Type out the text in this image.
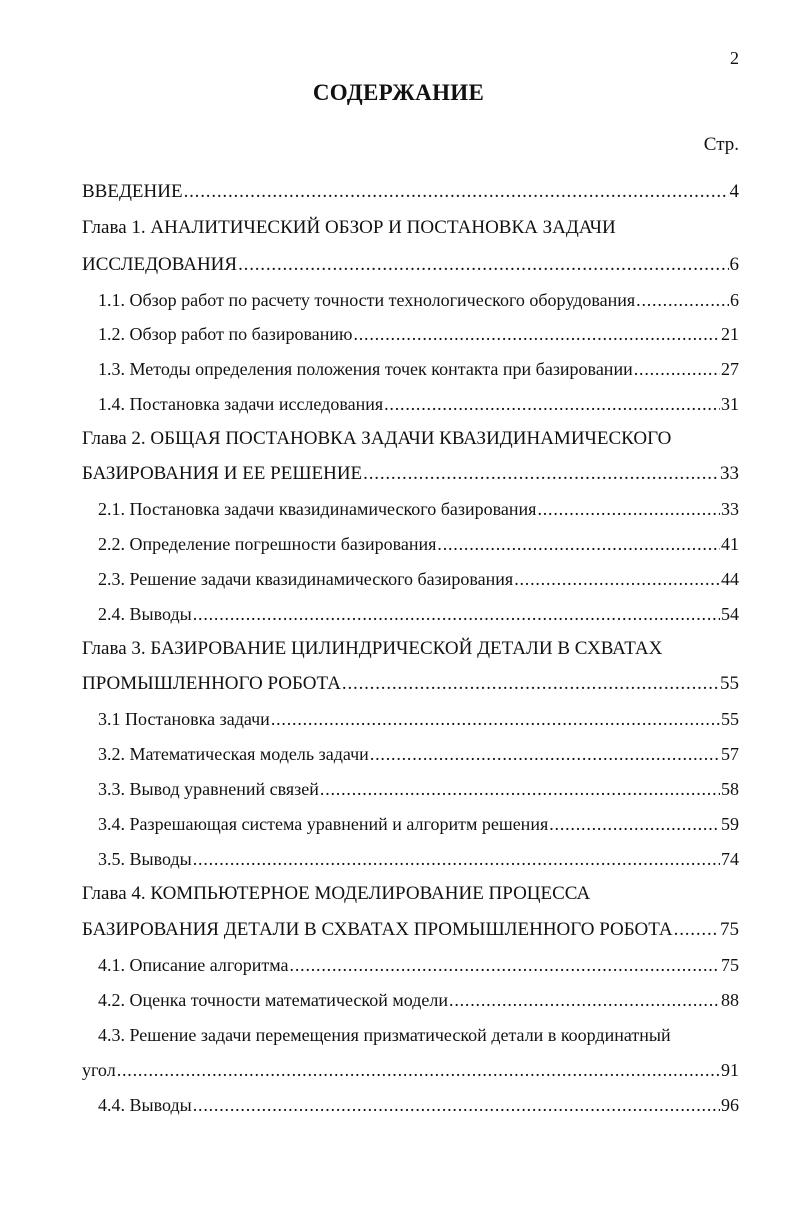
2
СОДЕРЖАНИЕ
Стр.
ВВЕДЕНИЕ .....	4
Глава 1. АНАЛИТИЧЕСКИЙ ОБЗОР И ПОСТАНОВКА ЗАДАЧИ
ИССЛЕДОВАНИЯ .....	6
1.1. Обзор работ по расчету точности технологического оборудования .....	6
1.2. Обзор работ по базированию .....	21
1.3. Методы определения положения точек контакта при базировании .....	27
1.4. Постановка задачи исследования .....	31
Глава 2. ОБЩАЯ ПОСТАНОВКА ЗАДАЧИ КВАЗИДИНАМИЧЕСКОГО
БАЗИРОВАНИЯ И ЕЕ РЕШЕНИЕ .....	33
2.1. Постановка задачи квазидинамического базирования .....	33
2.2. Определение погрешности базирования .....	41
2.3. Решение задачи квазидинамического базирования .....	44
2.4. Выводы .....	54
Глава 3. БАЗИРОВАНИЕ ЦИЛИНДРИЧЕСКОЙ ДЕТАЛИ В СХВАТАХ
ПРОМЫШЛЕННОГО РОБОТА .....	55
3.1 Постановка задачи .....	55
3.2. Математическая модель задачи .....	57
3.3. Вывод уравнений связей .....	58
3.4. Разрешающая система уравнений и алгоритм решения .....	59
3.5. Выводы .....	74
Глава 4. КОМПЬЮТЕРНОЕ МОДЕЛИРОВАНИЕ ПРОЦЕССА
БАЗИРОВАНИЯ ДЕТАЛИ В СХВАТАХ ПРОМЫШЛЕННОГО РОБОТА ..... 75
4.1. Описание алгоритма .....	75
4.2. Оценка точности математической модели .....	88
4.3. Решение задачи перемещения призматической детали в координатный
угол .....	91
4.4. Выводы .....	96
